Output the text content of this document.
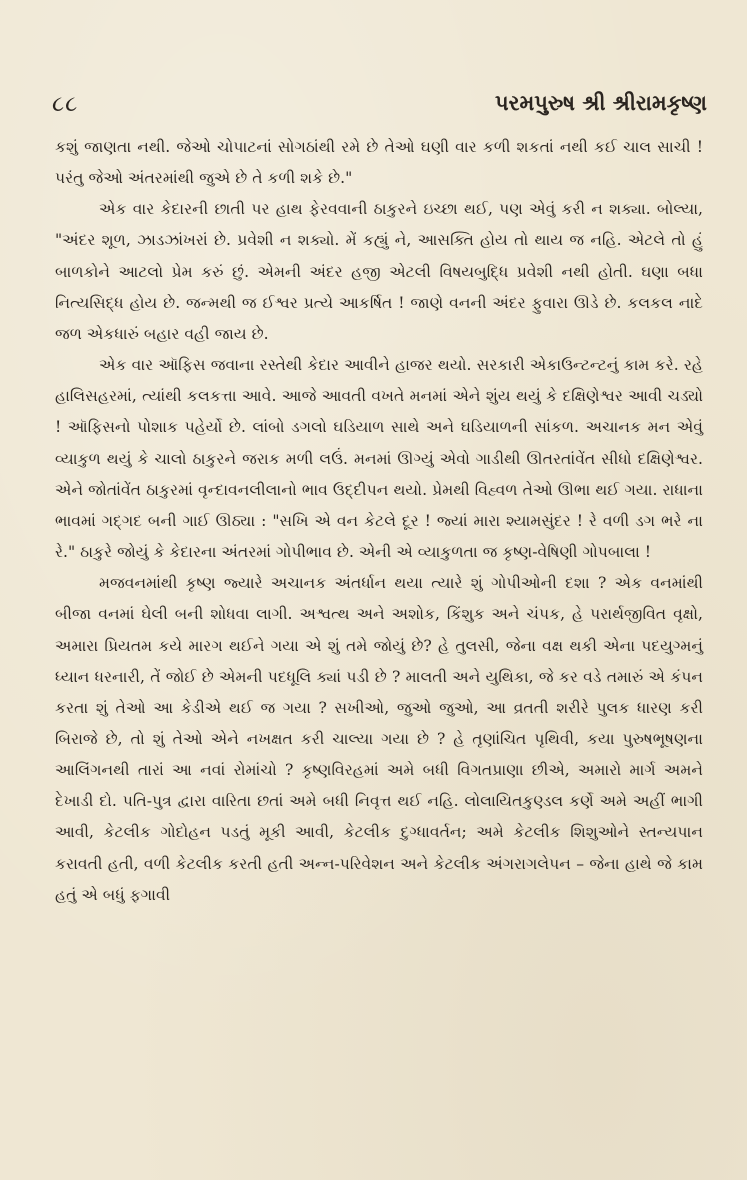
૮૮	પરમપુરુષ શ્રી શ્રીરામકૃષ્ણ

કશું જાણતા નથી. જેઓ ચોપાટનાં સોગઠાંથી રમે છે તેઓ ઘણી વાર કળી શકતાં નથી કઈ ચાલ સાચી ! પરંતુ જેઓ અંતરમાંથી જુએ છે તે કળી શકે છે."

એક વાર કેદારની છાતી પર હાથ ફેરવવાની ઠાકુરને ઇચ્છા થઈ, પણ એવું કરી ન શક્યા. બોલ્યા, "અંદર શૂળ, ઝાડઝાંખરાં છે. પ્રવેશી ન શક્યો. મેં કહ્યું ને, આસક્તિ હોય તો થાય જ નહિ. એટલે તો હું બાળકોને આટલો પ્રેમ કરું છું. એમની અંદર હજી એટલી વિષયબુદ્ધિ પ્રવેશી નથી હોતી. ઘણા બધા નિત્યસિદ્ધ હોય છે. જન્મથી જ ઈશ્વર પ્રત્યે આકર્ષિત ! જાણે વનની અંદર ફુવારા ઊડે છે. કલકલ નાદે જળ એકધારું બહાર વહી જાય છે.

એક વાર ઑફિસ જવાના રસ્તેથી કેદાર આવીને હાજર થયો. સરકારી એકાઉન્ટન્ટનું કામ કરે. રહે હાલિસહરમાં, ત્યાંથી કલકત્તા આવે. આજે આવતી વખતે મનમાં એને શુંય થયું કે દક્ષિણેશ્વર આવી ચડ્યો ! ઑફિસનો પોશાક પહેર્યો છે. લાંબો ડગલો ઘડિયાળ સાથે અને ઘડિયાળની સાંકળ. અચાનક મન એવું વ્યાકુળ થયું કે ચાલો ઠાકુરને જરાક મળી લઉં. મનમાં ઊગ્યું એવો ગાડીથી ઊતરતાંવેંત સીધો દક્ષિણેશ્વર. એને જોતાંવેંત ઠાકુરમાં વૃન્દાવનલીલાનો ભાવ ઉદ્દીપન થયો. પ્રેમથી વિહ્વળ તેઓ ઊભા થઈ ગયા. રાધાના ભાવમાં ગદ્ગદ બની ગાઈ ઊઠ્યા : "સખિ એ વન કેટલે દૂર ! જ્યાં મારા શ્યામસુંદર ! રે વળી ડગ ભરે ના રે." ઠાકુરે જોયું કે કેદારના અંતરમાં ગોપીભાવ છે. એની એ વ્યાકુળતા જ કૃષ્ણ-વેષિણી ગોપબાલા !

મજવનમાંથી કૃષ્ણ જ્યારે અચાનક અંતર્ધાન થયા ત્યારે શું ગોપીઓની દશા ? એક વનમાંથી બીજા વનમાં ઘેલી બની શોધવા લાગી. અશ્વત્થ અને અશોક, કિંશુક અને ચંપક, હે પરાર્થજીવિત વૃક્ષો, અમારા પ્રિયતમ કયે મારગ થઈને ગયા એ શું તમે જોયું છે? હે તુલસી, જેના વક્ષ થકી એના પદયુગ્મનું ધ્યાન ધરનારી, તેં જોઈ છે એમની પદધૂલિ ક્યાં પડી છે ? માલતી અને યુથિકા, જે કર વડે તમારું એ કંપન કરતા શું તેઓ આ કેડીએ થઈ જ ગયા ? સખીઓ, જુઓ જુઓ, આ વ્રતતી શરીરે પુલક ધારણ કરી બિરાજે છે, તો શું તેઓ એને નખક્ષત કરી ચાલ્યા ગયા છે ? હે તૃણાંચિત પૃથિવી, કયા પુરુષભૂષણના આલિંગનથી તારાં આ નવાં રોમાંચો ? કૃષ્ણવિરહમાં અમે બધી વિગતપ્રાણા છીએ, અમારો માર્ગ અમને દેખાડી દો. પતિ-પુત્ર દ્વારા વારિતા છતાં અમે બધી નિવૃત્ત થઈ નહિ. લોલાયિતકુણ્ડલ કર્ણે અમે અહીં ભાગી આવી, કેટલીક ગોદોહન પડતું મૂકી આવી, કેટલીક દુગ્ધાવર્તન; અમે કેટલીક શિશુઓને સ્તન્યપાન કરાવતી હતી, વળી કેટલીક કરતી હતી અન્ન-પરિવેશન અને કેટલીક અંગરાગલેપન – જેના હાથે જે કામ હતું એ બધું ફગાવી
